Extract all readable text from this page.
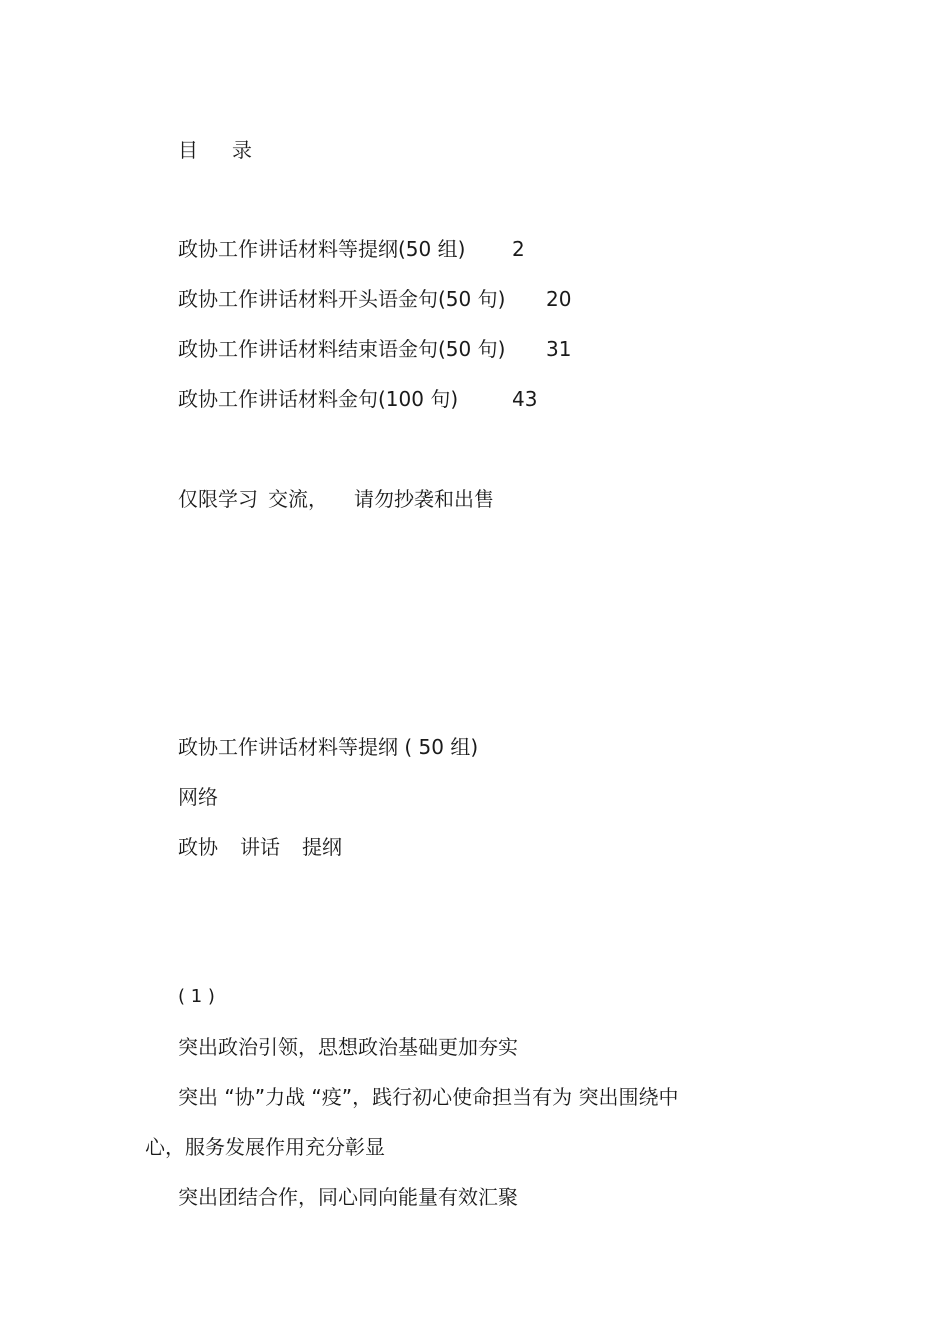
目 录

政协工作讲话材料等提纲(50 组) 2
政协工作讲话材料开头语金句(50 句) 20
政协工作讲话材料结束语金句(50 句) 31
政协工作讲话材料金句(100 句)	43

仅限学习 交流， 请勿抄袭和出售

政协工作讲话材料等提纲 ( 50 组)

网络

政协 讲话 提纲

( 1 )

突出政治引领，思想政治基础更加夯实

突出 “协”力战 “疫”，践行初心使命担当有为 突出围绕中

心，服务发展作用充分彰显

突出团结合作，同心同向能量有效汇聚
